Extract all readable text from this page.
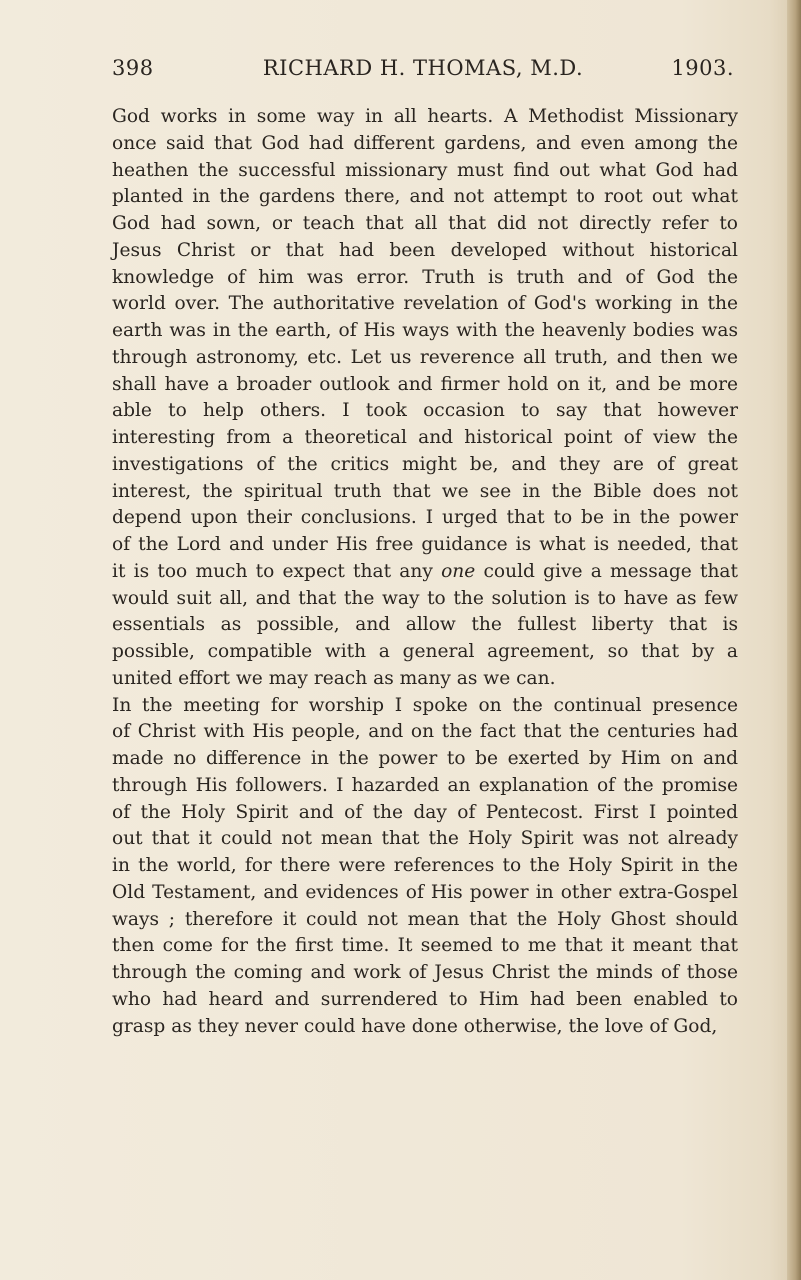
398	RICHARD H. THOMAS, M.D.	1903.
God works in some way in all hearts. A Methodist Missionary
once said that God had different gardens, and even among the
heathen the successful missionary must find out what God had
planted in the gardens there, and not attempt to root out what
God had sown, or teach that all that did not directly refer to
Jesus Christ or that had been developed without historical
knowledge of him was error. Truth is truth and of God the
world over. The authoritative revelation of God's working in the
earth was in the earth, of His ways with the heavenly bodies was
through astronomy, etc. Let us reverence all truth, and then we
shall have a broader outlook and firmer hold on it, and be more
able to help others. I took occasion to say that however
interesting from a theoretical and historical point of view the
investigations of the critics might be, and they are of great
interest, the spiritual truth that we see in the Bible does not
depend upon their conclusions. I urged that to be in the power
of the Lord and under His free guidance is what is needed, that
it is too much to expect that any one could give a message that
would suit all, and that the way to the solution is to have as few
essentials as possible, and allow the fullest liberty that is
possible, compatible with a general agreement, so that by a
united effort we may reach as many as we can.
In the meeting for worship I spoke on the continual presence
of Christ with His people, and on the fact that the centuries had
made no difference in the power to be exerted by Him on and
through His followers. I hazarded an explanation of the promise
of the Holy Spirit and of the day of Pentecost. First I pointed
out that it could not mean that the Holy Spirit was not already
in the world, for there were references to the Holy Spirit in the
Old Testament, and evidences of His power in other extra-Gospel
ways ; therefore it could not mean that the Holy Ghost should
then come for the first time. It seemed to me that it meant that
through the coming and work of Jesus Christ the minds of those
who had heard and surrendered to Him had been enabled to
grasp as they never could have done otherwise, the love of God,
